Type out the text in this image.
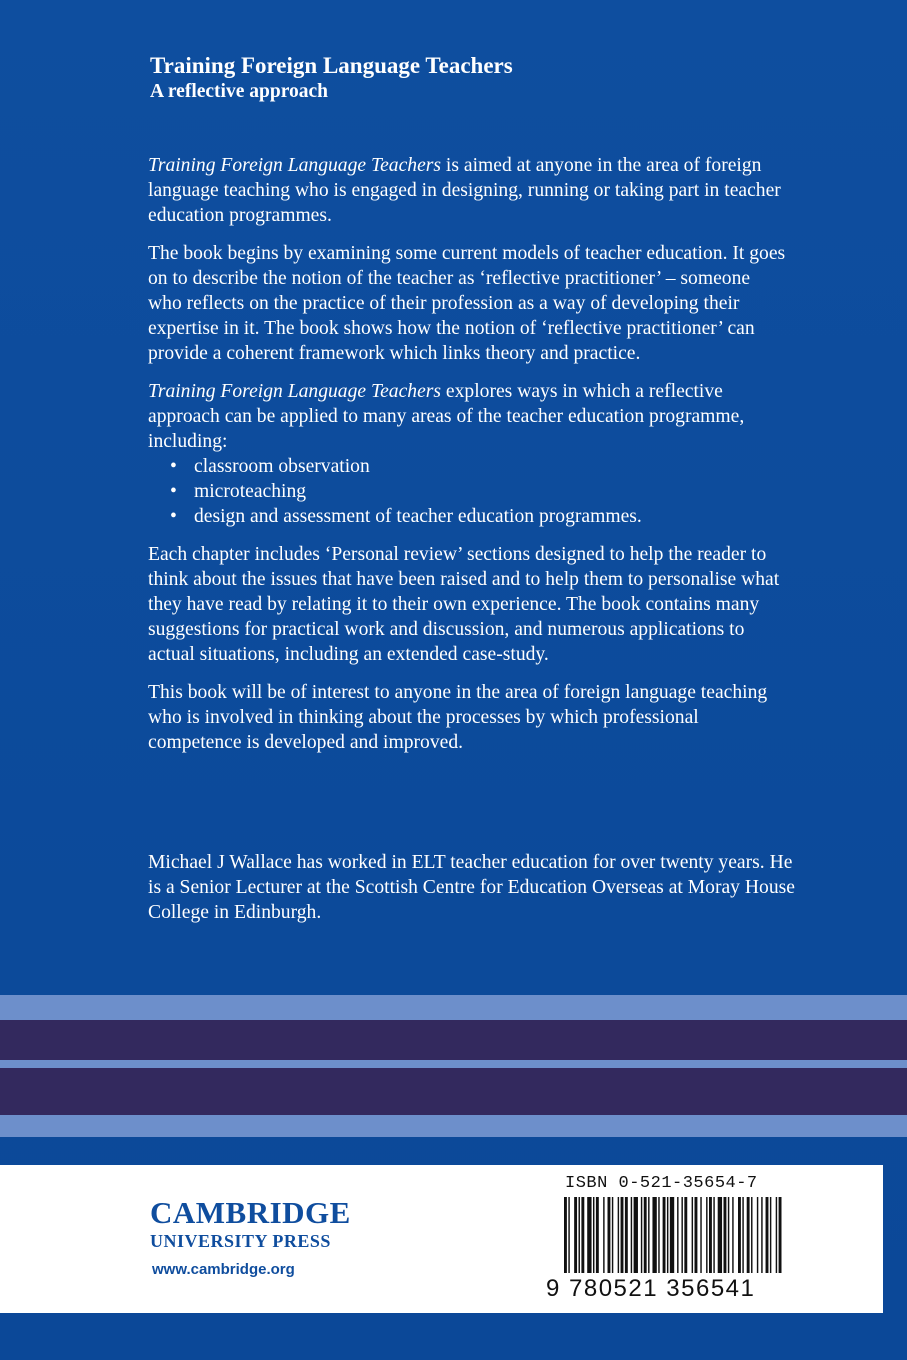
Training Foreign Language Teachers
A reflective approach

Training Foreign Language Teachers is aimed at anyone in the area of foreign language teaching who is engaged in designing, running or taking part in teacher education programmes.

The book begins by examining some current models of teacher education. It goes on to describe the notion of the teacher as ‘reflective practitioner’ – someone who reflects on the practice of their profession as a way of developing their expertise in it. The book shows how the notion of ‘reflective practitioner’ can provide a coherent framework which links theory and practice.

Training Foreign Language Teachers explores ways in which a reflective approach can be applied to many areas of the teacher education programme, including:

• classroom observation
• microteaching
• design and assessment of teacher education programmes.

Each chapter includes ‘Personal review’ sections designed to help the reader to think about the issues that have been raised and to help them to personalise what they have read by relating it to their own experience. The book contains many suggestions for practical work and discussion, and numerous applications to actual situations, including an extended case-study.

This book will be of interest to anyone in the area of foreign language teaching who is involved in thinking about the processes by which professional competence is developed and improved.

Michael J Wallace has worked in ELT teacher education for over twenty years. He is a Senior Lecturer at the Scottish Centre for Education Overseas at Moray House College in Edinburgh.

CAMBRIDGE

UNIVERSITY PRESS

www.cambridge.org

ISBN 0-521-35654-7
9 780521 356541
